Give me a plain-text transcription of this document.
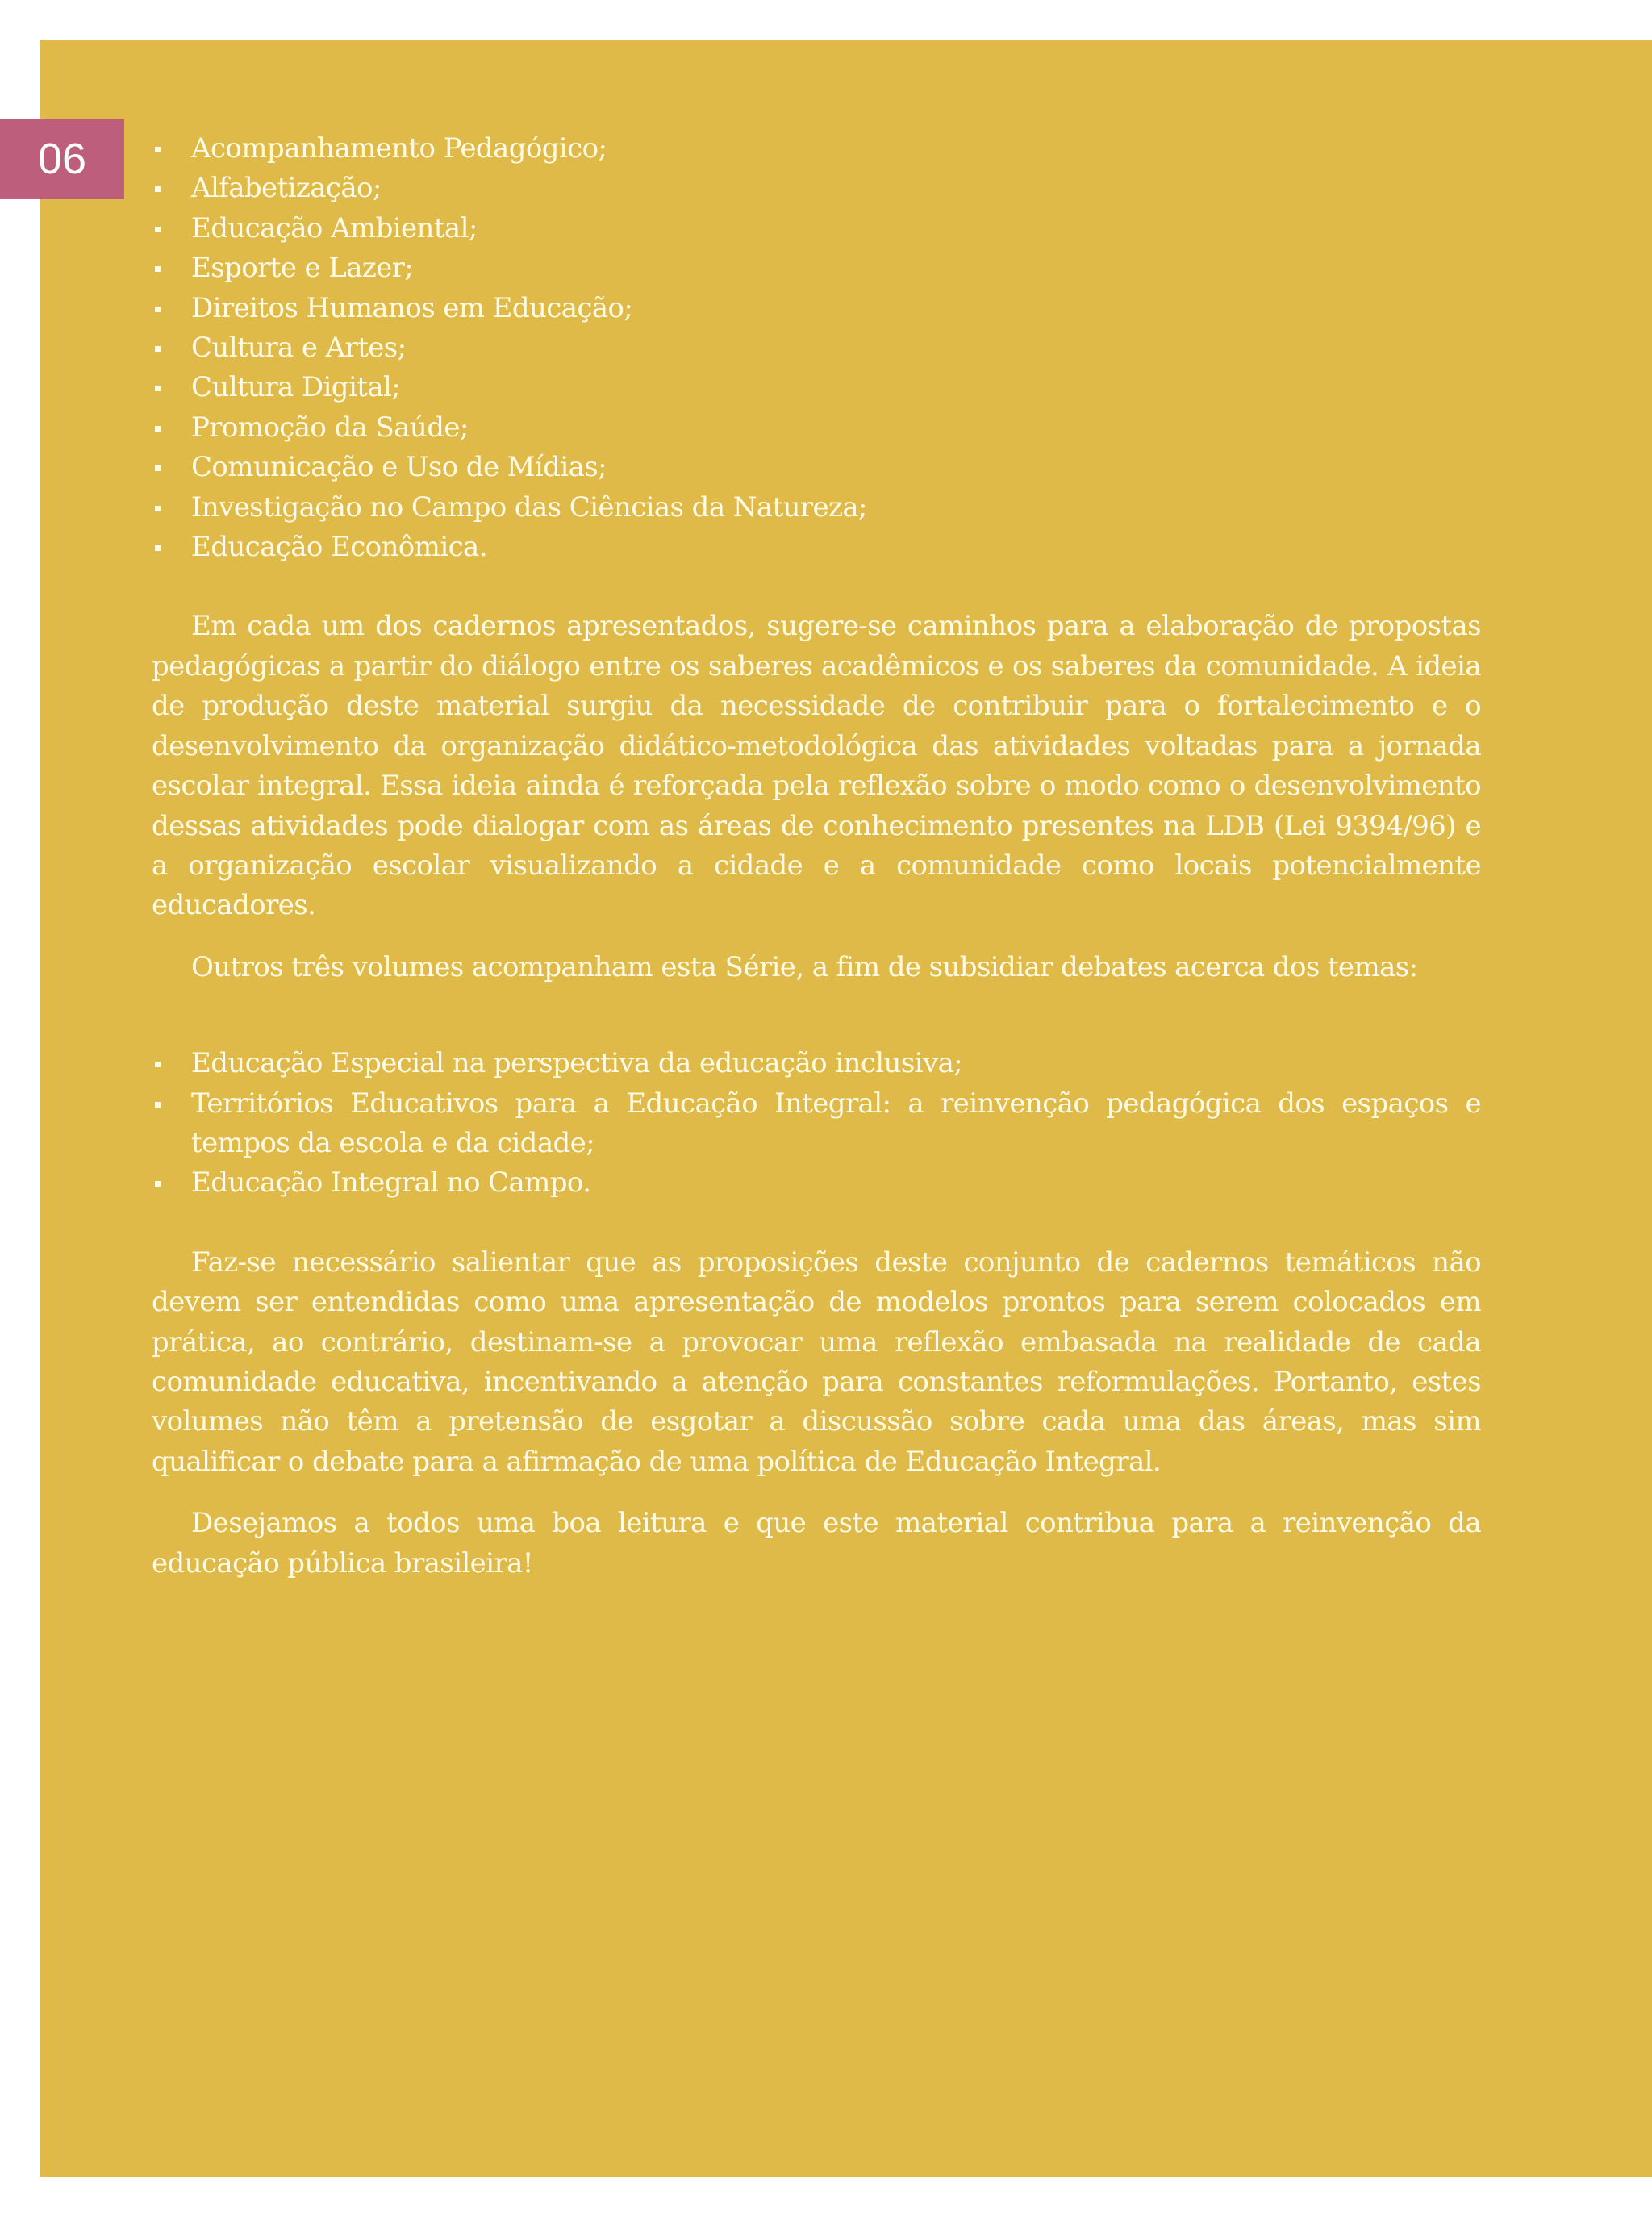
06	Acompanhamento Pedagógico;
Alfabetização;
Educação Ambiental;
Esporte e Lazer;
Direitos Humanos em Educação;
Cultura e Artes;
Cultura Digital;
Promoção da Saúde;
Comunicação e Uso de Mídias;
Investigação no Campo das Ciências da Natureza;
Educação Econômica.

Em cada um dos cadernos apresentados, sugere-se caminhos para a elaboração de propostas pedagógicas a partir do diálogo entre os saberes acadêmicos e os saberes da comunidade. A ideia de produção deste material surgiu da necessidade de contribuir para o fortalecimento e o desenvolvimento da organização didático-metodológica das atividades voltadas para a jornada escolar integral. Essa ideia ainda é reforçada pela reflexão sobre o modo como o desenvolvimento dessas atividades pode dialogar com as áreas de conhecimento presentes na LDB (Lei 9394/96) e a organização escolar visualizando a cidade e a comunidade como locais potencialmente educadores.

Outros três volumes acompanham esta Série, a fim de subsidiar debates acerca dos temas:

Educação Especial na perspectiva da educação inclusiva;
Territórios Educativos para a Educação Integral: a reinvenção pedagógica dos espaços e tempos da escola e da cidade;
Educação Integral no Campo.

Faz-se necessário salientar que as proposições deste conjunto de cadernos temáticos não devem ser entendidas como uma apresentação de modelos prontos para serem colocados em prática, ao contrário, destinam-se a provocar uma reflexão embasada na realidade de cada comunidade educativa, incentivando a atenção para constantes reformulações. Portanto, estes volumes não têm a pretensão de esgotar a discussão sobre cada uma das áreas, mas sim qualificar o debate para a afirmação de uma política de Educação Integral.

Desejamos a todos uma boa leitura e que este material contribua para a reinvenção da educação pública brasileira!
